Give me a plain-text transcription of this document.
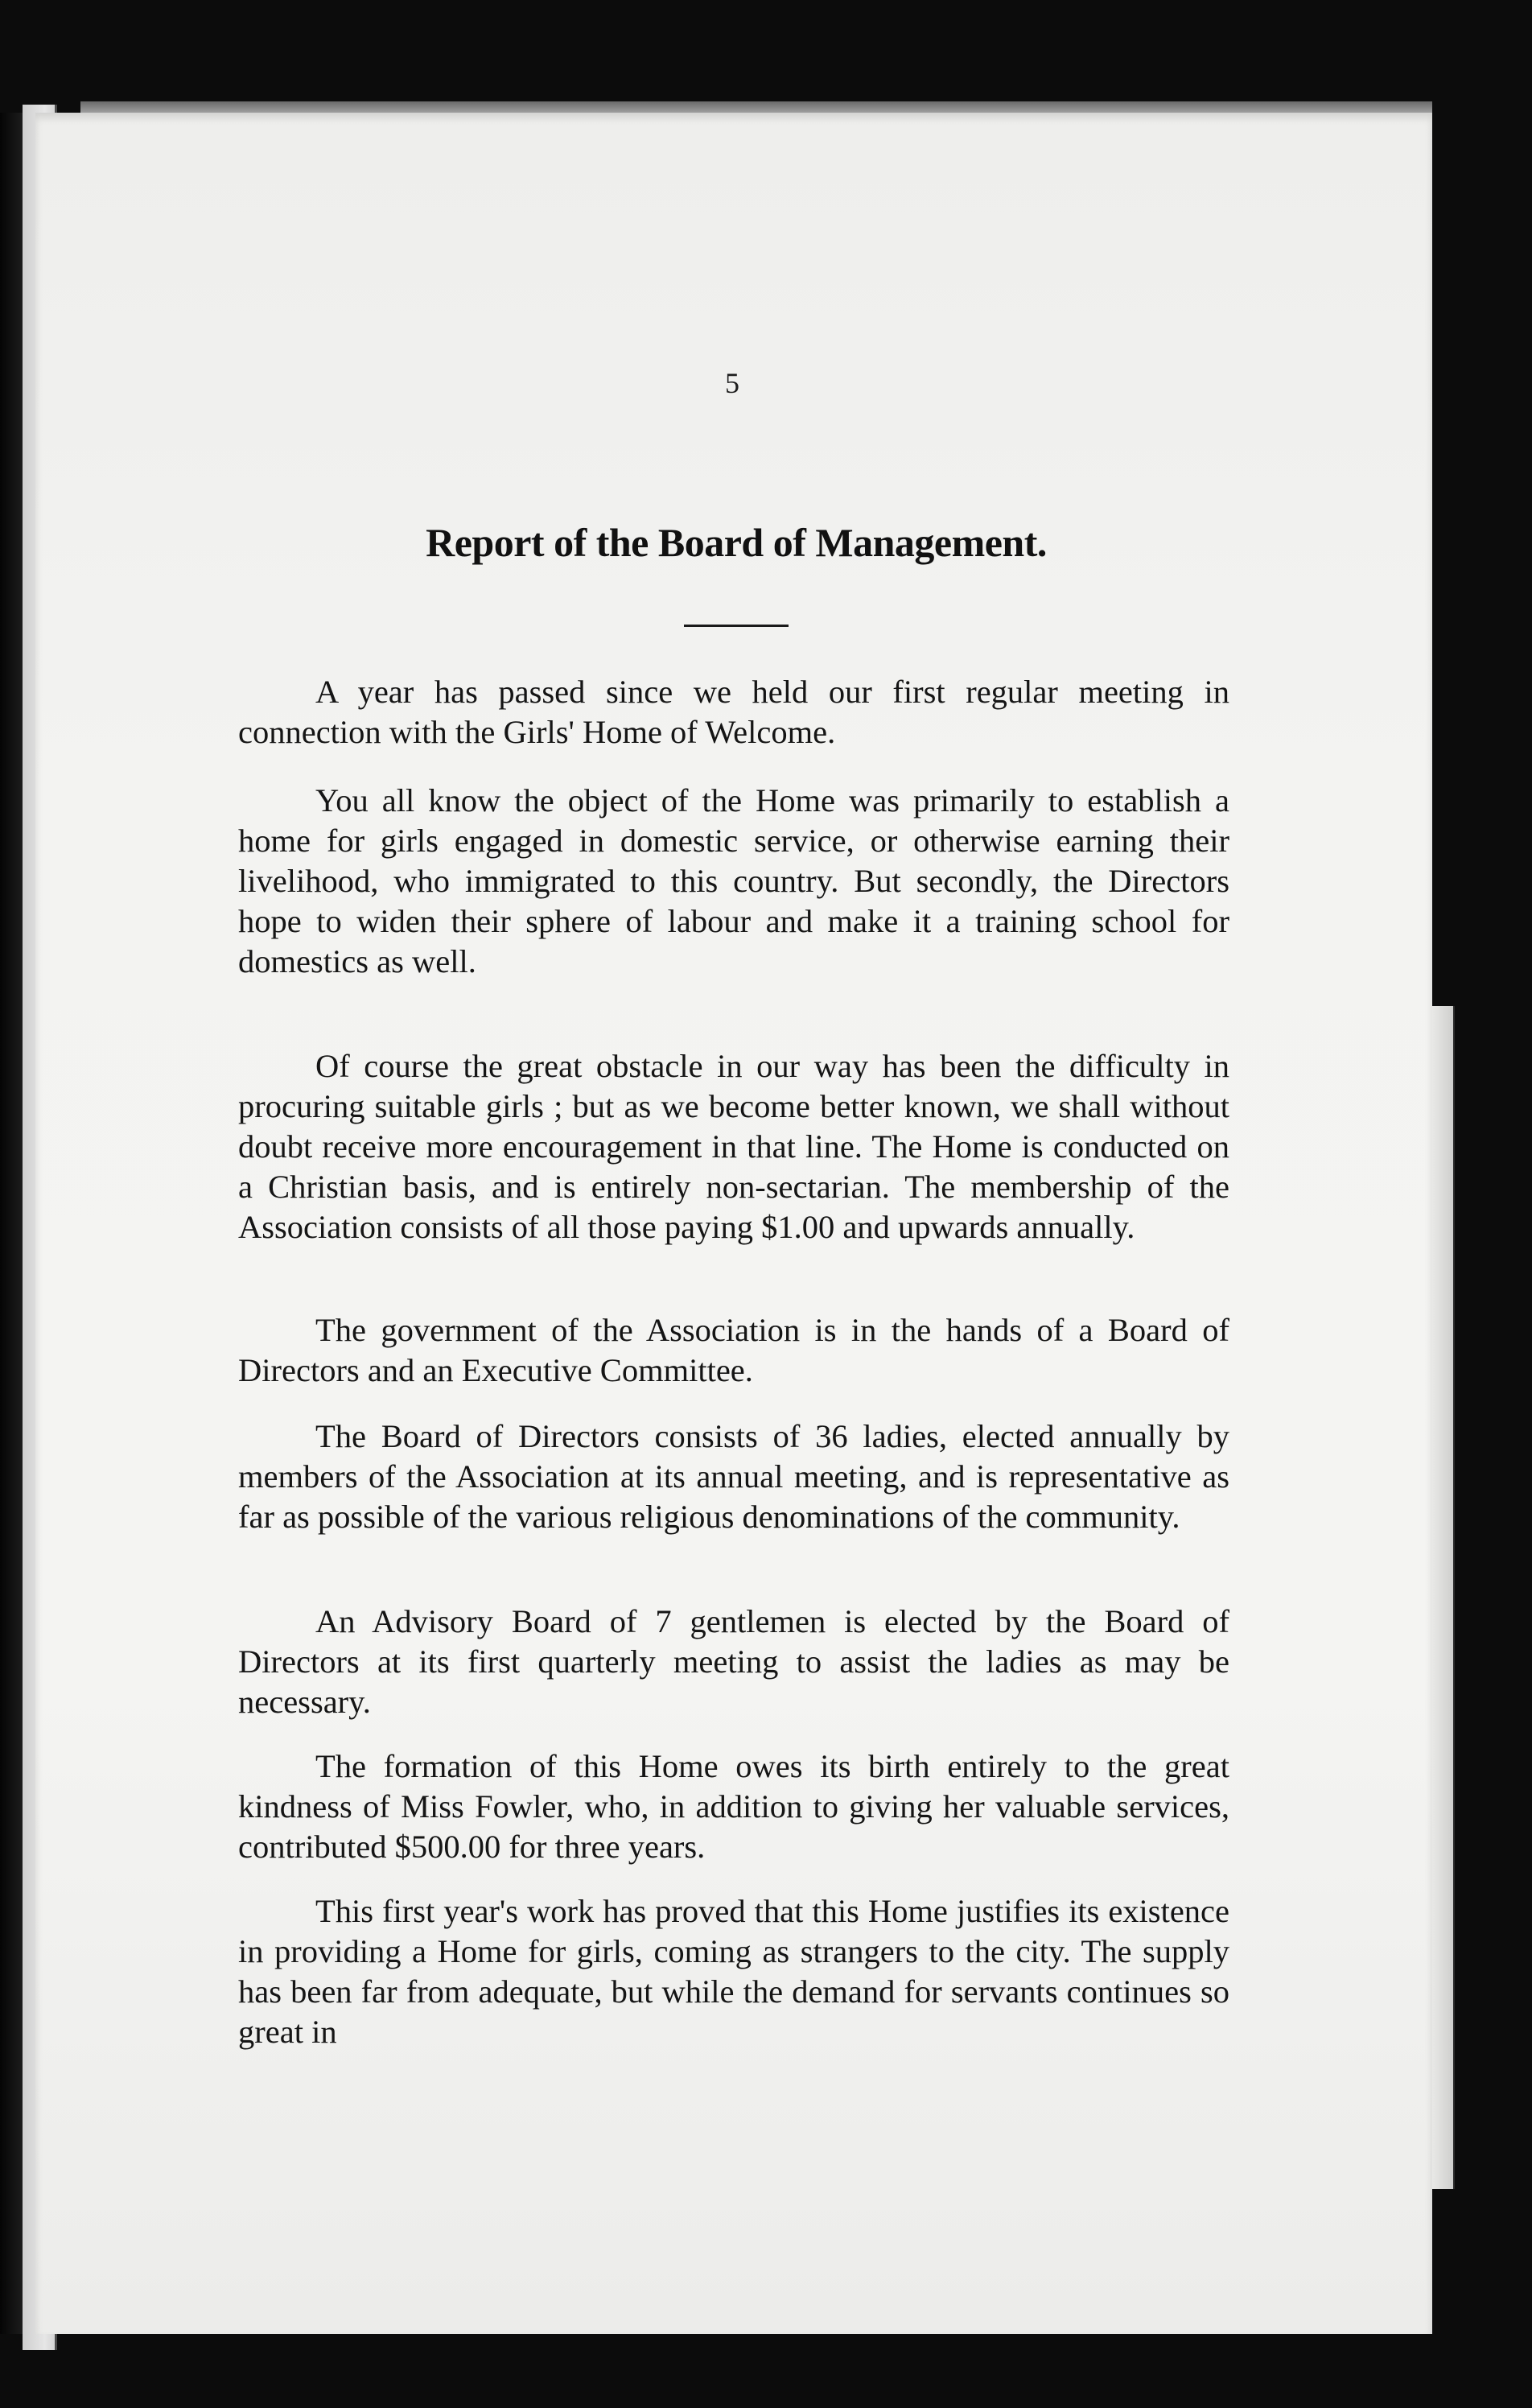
5
Report of the Board of Management.

A year has passed since we held our first regular meeting in connection with the Girls' Home of Welcome.

You all know the object of the Home was primarily to establish a home for girls engaged in domestic service, or otherwise earning their livelihood, who immigrated to this country. But secondly, the Directors hope to widen their sphere of labour and make it a training school for domestics as well.

Of course the great obstacle in our way has been the difficulty in procuring suitable girls ; but as we become better known, we shall without doubt receive more encouragement in that line. The Home is conducted on a Christian basis, and is entirely non-sectarian. The membership of the Association consists of all those paying $1.00 and upwards annually.

The government of the Association is in the hands of a Board of Directors and an Executive Committee.

The Board of Directors consists of 36 ladies, elected annually by members of the Association at its annual meeting, and is representative as far as possible of the various religious denominations of the community.

An Advisory Board of 7 gentlemen is elected by the Board of Directors at its first quarterly meeting to assist the ladies as may be necessary.

The formation of this Home owes its birth entirely to the great kindness of Miss Fowler, who, in addition to giving her valuable services, contributed $500.00 for three years.

This first year's work has proved that this Home justifies its existence in providing a Home for girls, coming as strangers to the city. The supply has been far from adequate, but while the demand for servants continues so great in
